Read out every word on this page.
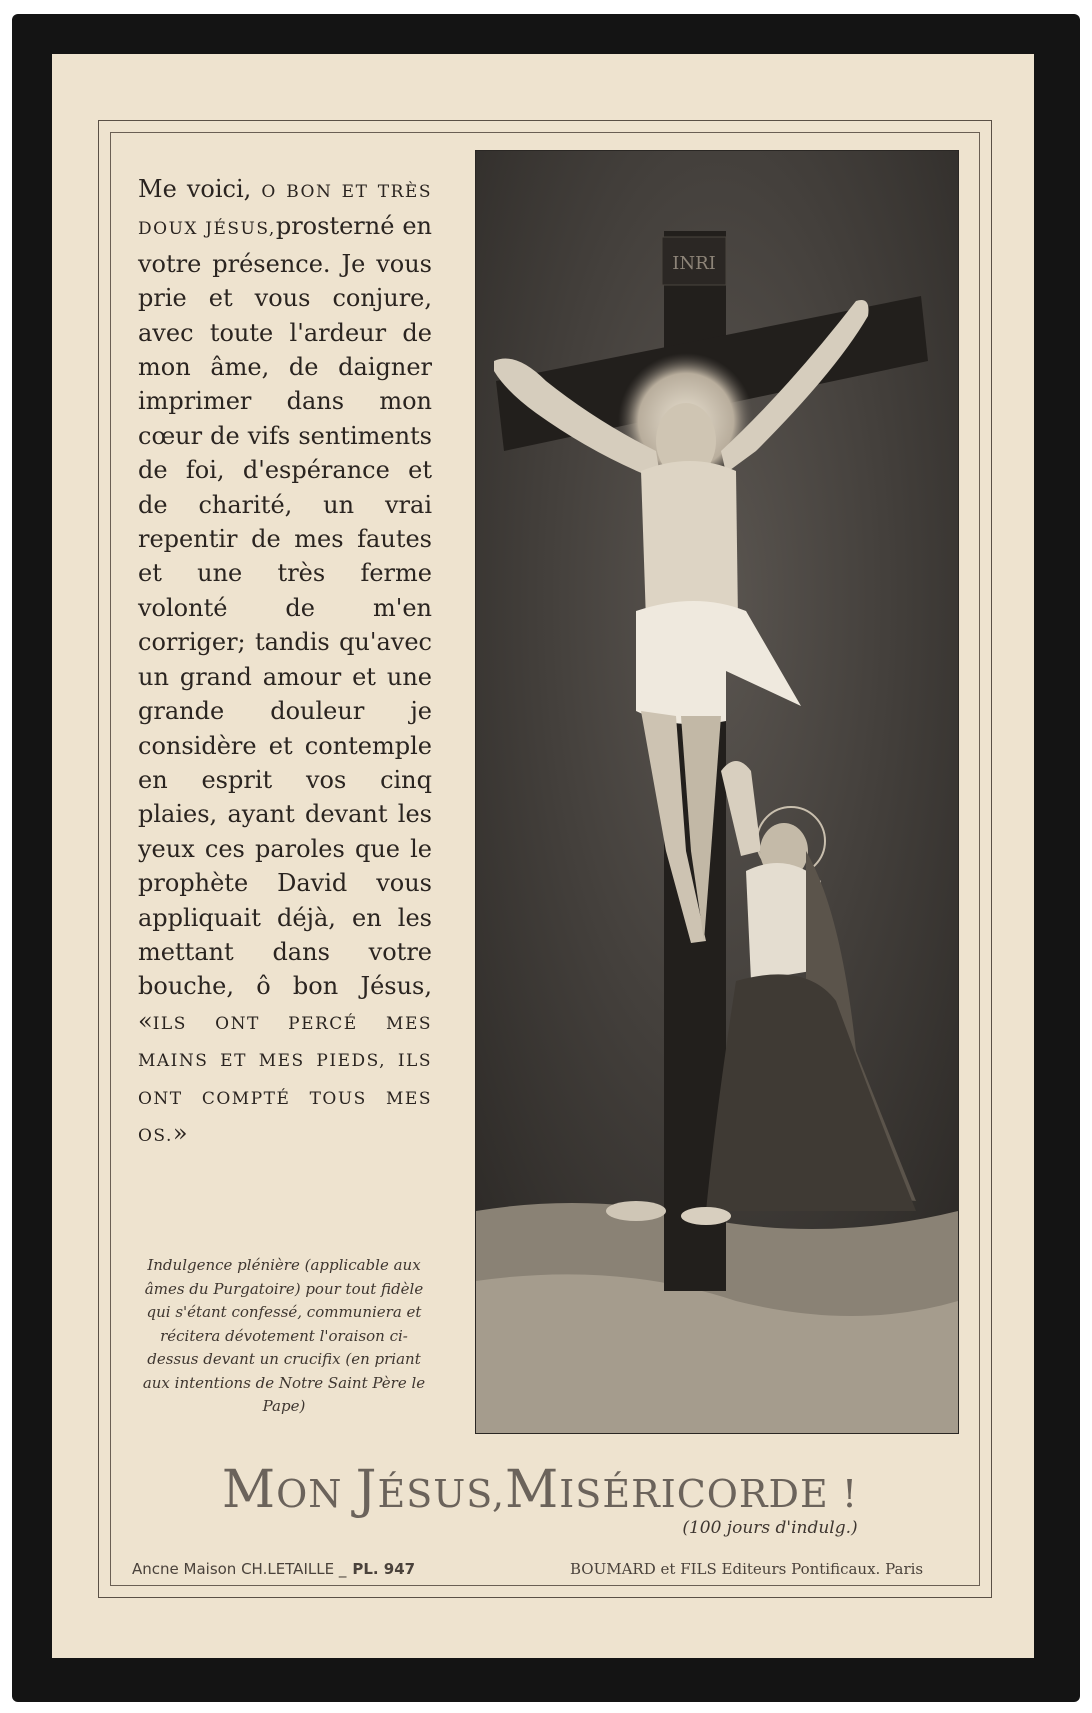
Me voici, O BON ET TRÈS DOUX JÉSUS,prosterné en votre présence. Je vous prie et vous conjure, avec toute l'ardeur de mon âme, de daigner imprimer dans mon cœur de vifs sentiments de foi, d'espérance et de charité, un vrai repentir de mes fautes et une très ferme volonté de m'en corriger; tandis qu'avec un grand amour et une grande douleur je considère et contemple en esprit vos cinq plaies, ayant devant les yeux ces paroles que le prophète David vous appliquait déjà, en les mettant dans votre bouche, ô bon Jésus, «ILS ONT PERCÉ MES MAINS ET MES PIEDS, ILS ONT COMPTÉ TOUS MES OS.»

Indulgence plénière (applicable aux âmes du Purgatoire) pour tout fidèle qui s'étant confessé, communiera et récitera dévotement l'oraison ci-dessus devant un crucifix (en priant aux intentions de Notre Saint Père le Pape)
INRI
MON JÉSUS,MISÉRICORDE !
(100 jours d'indulg.)
Ancne Maison CH.LETAILLE _ PL. 947	BOUMARD et FILS Editeurs Pontificaux. Paris
